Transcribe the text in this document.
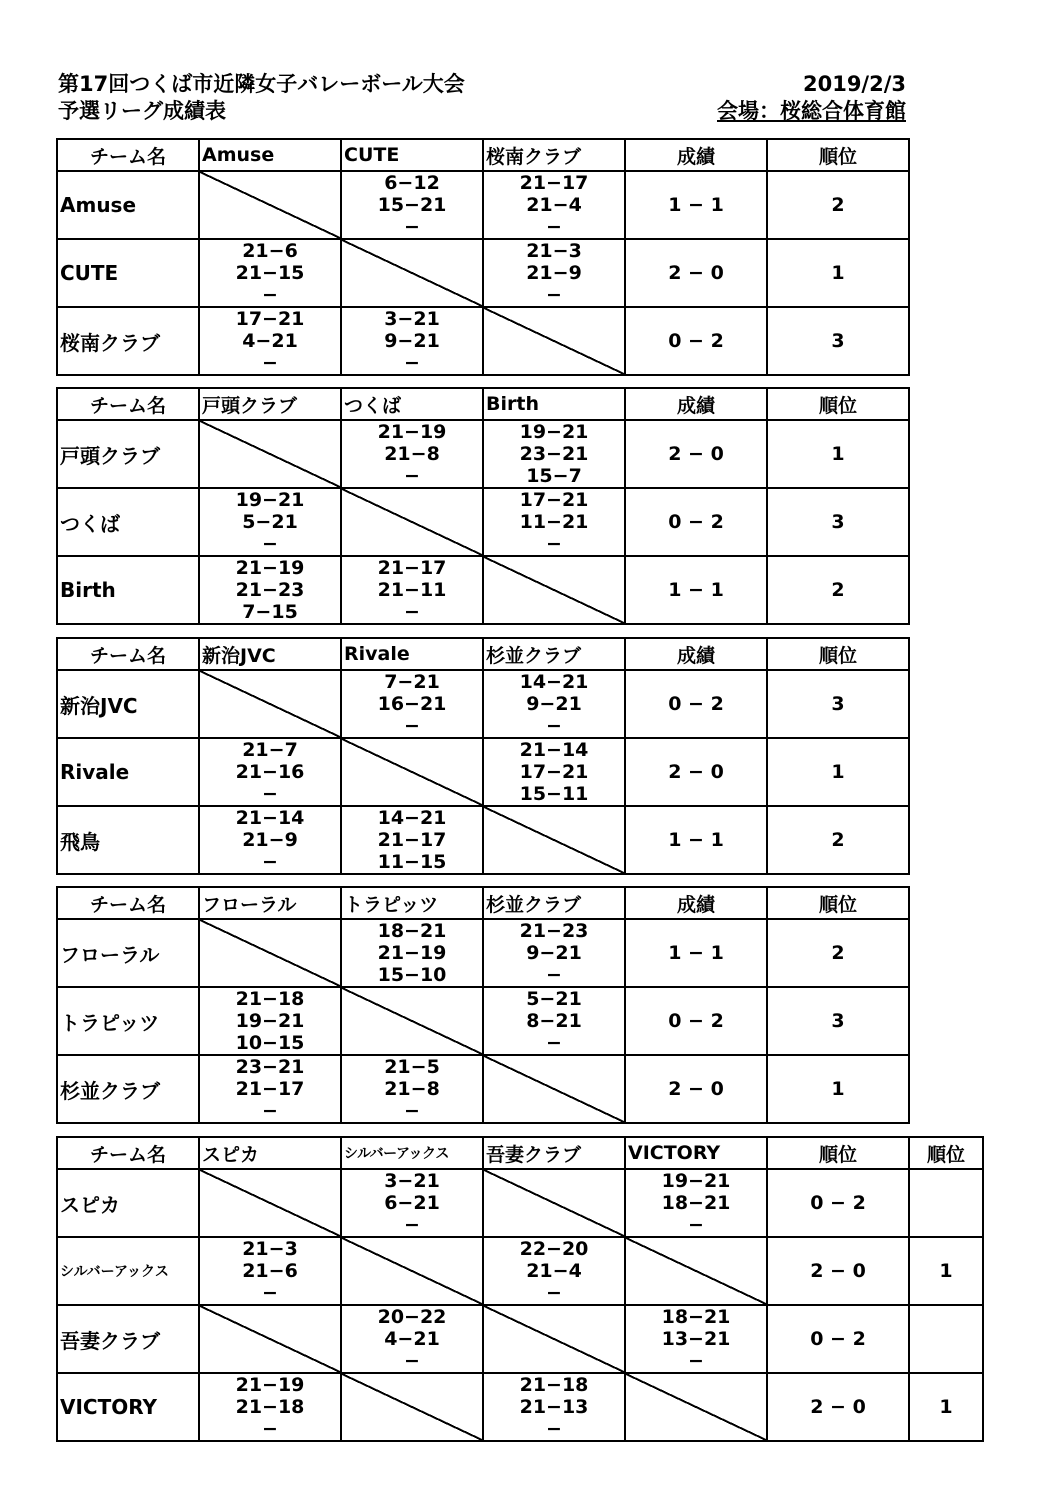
第17回つくば市近隣女子バレーボール大会
予選リーグ成績表
2019/2/3
会場：桜総合体育館
チーム名	Amuse	CUTE	桜南クラブ	成績	順位
Amuse		6−12
15−21
−	21−17
21−4
−	1 − 1	2
CUTE	21−6
21−15
−		21−3
21−9
−	2 − 0	1
桜南クラブ	17−21
4−21
−	3−21
9−21
−		0 − 2	3
チーム名	戸頭クラブ	つくば	Birth	成績	順位
戸頭クラブ		21−19
21−8
−	19−21
23−21
15−7	2 − 0	1
つくば	19−21
5−21
−		17−21
11−21
−	0 − 2	3
Birth	21−19
21−23
7−15	21−17
21−11
−		1 − 1	2
チーム名	新治JVC	Rivale	杉並クラブ	成績	順位
新治JVC		7−21
16−21
−	14−21
9−21
−	0 − 2	3
Rivale	21−7
21−16
−		21−14
17−21
15−11	2 − 0	1
飛鳥	21−14
21−9
−	14−21
21−17
11−15		1 − 1	2
チーム名	フローラル	トラピッツ	杉並クラブ	成績	順位
フローラル		18−21
21−19
15−10	21−23
9−21
−	1 − 1	2
トラピッツ	21−18
19−21
10−15		5−21
8−21
−	0 − 2	3
杉並クラブ	23−21
21−17
−	21−5
21−8
−		2 − 0	1
チーム名	スピカ	シルバーアックス	吾妻クラブ	VICTORY	順位	順位
スピカ		3−21
6−21
−		19−21
18−21
−	0 − 2	
シルバーアックス	21−3
21−6
−		22−20
21−4
−		2 − 0	1
吾妻クラブ		20−22
4−21
−		18−21
13−21
−	0 − 2	
VICTORY	21−19
21−18
−		21−18
21−13
−		2 − 0	1
